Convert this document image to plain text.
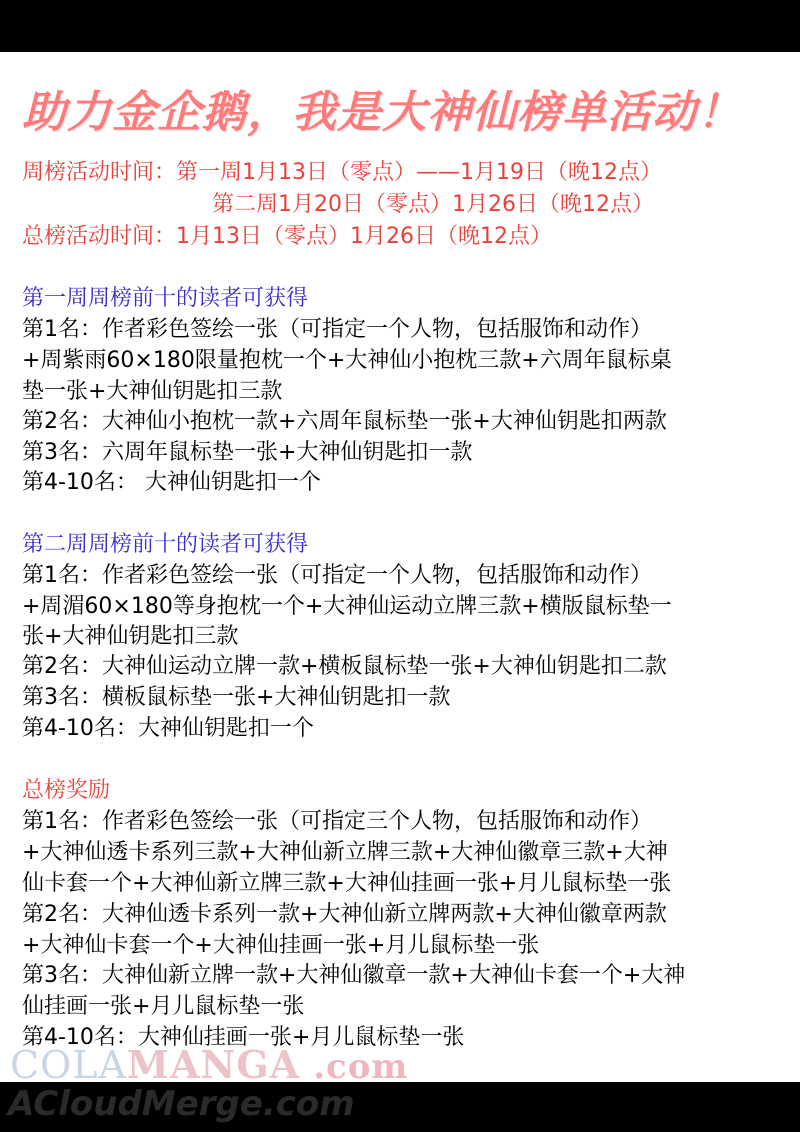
助力金企鹅，我是大神仙榜单活动！
周榜活动时间：第一周1月13日（零点）——1月19日（晚12点）
第二周1月20日（零点）1月26日（晚12点）
总榜活动时间：1月13日（零点）1月26日（晚12点）
第一周周榜前十的读者可获得
第1名：作者彩色签绘一张（可指定一个人物，包括服饰和动作）
+周紫雨60×180限量抱枕一个+大神仙小抱枕三款+六周年鼠标桌
垫一张+大神仙钥匙扣三款
第2名：大神仙小抱枕一款+六周年鼠标垫一张+大神仙钥匙扣两款
第3名：六周年鼠标垫一张+大神仙钥匙扣一款
第4-10名： 大神仙钥匙扣一个
第二周周榜前十的读者可获得
第1名：作者彩色签绘一张（可指定一个人物，包括服饰和动作）
+周湄60×180等身抱枕一个+大神仙运动立牌三款+横版鼠标垫一
张+大神仙钥匙扣三款
第2名：大神仙运动立牌一款+横板鼠标垫一张+大神仙钥匙扣二款
第3名：横板鼠标垫一张+大神仙钥匙扣一款
第4-10名：大神仙钥匙扣一个
总榜奖励
第1名：作者彩色签绘一张（可指定三个人物，包括服饰和动作）
+大神仙透卡系列三款+大神仙新立牌三款+大神仙徽章三款+大神
仙卡套一个+大神仙新立牌三款+大神仙挂画一张+月儿鼠标垫一张
第2名：大神仙透卡系列一款+大神仙新立牌两款+大神仙徽章两款
+大神仙卡套一个+大神仙挂画一张+月儿鼠标垫一张
第3名：大神仙新立牌一款+大神仙徽章一款+大神仙卡套一个+大神
仙挂画一张+月儿鼠标垫一张
第4-10名：大神仙挂画一张+月儿鼠标垫一张
COLAMANGA .com
ACloudMerge.com
